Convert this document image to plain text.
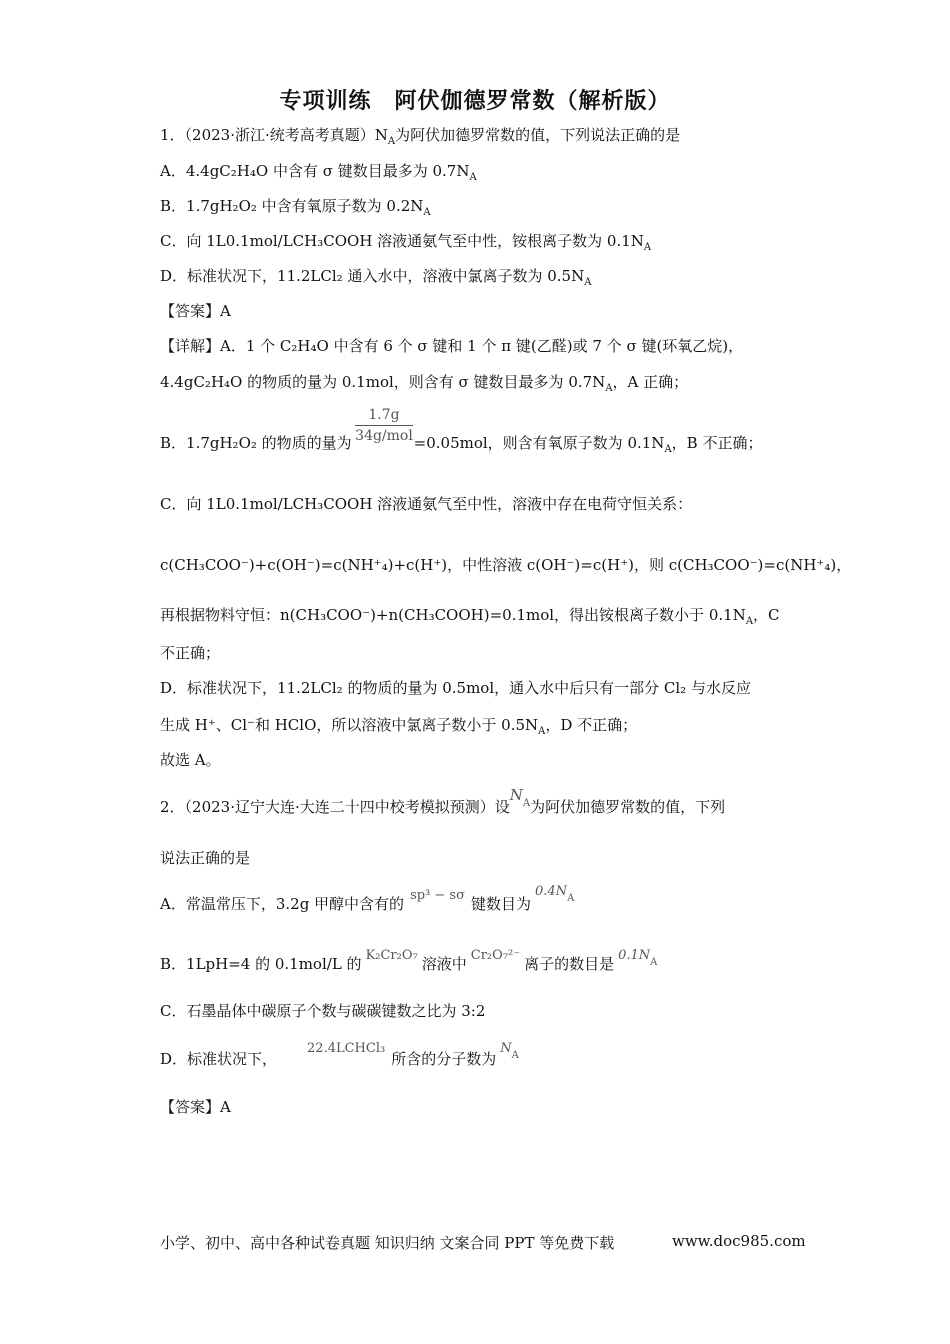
专项训练　阿伏伽德罗常数（解析版）
1．（2023·浙江·统考高考真题）$N_A$为阿伏加德罗常数的值，下列说法正确的是
A．4.4gC₂H₄O 中含有 σ 键数目最多为 $0.7N_A$
B．1.7gH₂O₂ 中含有氧原子数为 $0.2N_A$
C．向 1L0.1mol/LCH₃COOH 溶液通氨气至中性，铵根离子数为 $0.1N_A$
D．标准状况下，11.2LCl₂ 通入水中，溶液中氯离子数为 $0.5N_A$
【答案】A
【详解】A．1 个 C₂H₄O 中含有 6 个 σ 键和 1 个 π 键(乙醛)或 7 个 σ 键(环氧乙烷)，
4.4gC₂H₄O 的物质的量为 0.1mol，则含有 σ 键数目最多为 $0.7N_A$，A 正确；
1.7g
34g/mol
B．1.7gH₂O₂ 的物质的量为	=0.05mol，则含有氧原子数为 $0.1N_A$，B 不正确；
C．向 1L0.1mol/LCH₃COOH 溶液通氨气至中性，溶液中存在电荷守恒关系：
c(CH₃COO⁻)+c(OH⁻)=c(NH⁺₄)+c(H⁺)，中性溶液 c(OH⁻)=c(H⁺)，则 c(CH₃COO⁻)=c(NH⁺₄)，
再根据物料守恒：n(CH₃COO⁻)+n(CH₃COOH)=0.1mol，得出铵根离子数小于 $0.1N_A$，C
不正确；
D．标准状况下，11.2LCl₂ 的物质的量为 0.5mol，通入水中后只有一部分 Cl₂ 与水反应
生成 H⁺、Cl⁻和 HClO，所以溶液中氯离子数小于 $0.5N_A$，D 不正确；
故选 A。
2．（2023·辽宁大连·大连二十四中校考模拟预测）设$N_A$为阿伏加德罗常数的值，下列
说法正确的是
A．常温常压下，3.2g 甲醇中含有的 sp³ − sσ 键数目为$0.4N_A$
B．1LpH=4 的 0.1mol/L 的 K₂Cr₂O₇ 溶液中 Cr₂O₇²⁻ 离子的数目是 $0.1N_A$
C．石墨晶体中碳原子个数与碳碳键数之比为 3:2
D．标准状况下，22.4LCHCl₃所含的分子数为$N_A$
【答案】A
小学、初中、高中各种试卷真题 知识归纳 文案合同 PPT 等免费下载	www.doc985.com
